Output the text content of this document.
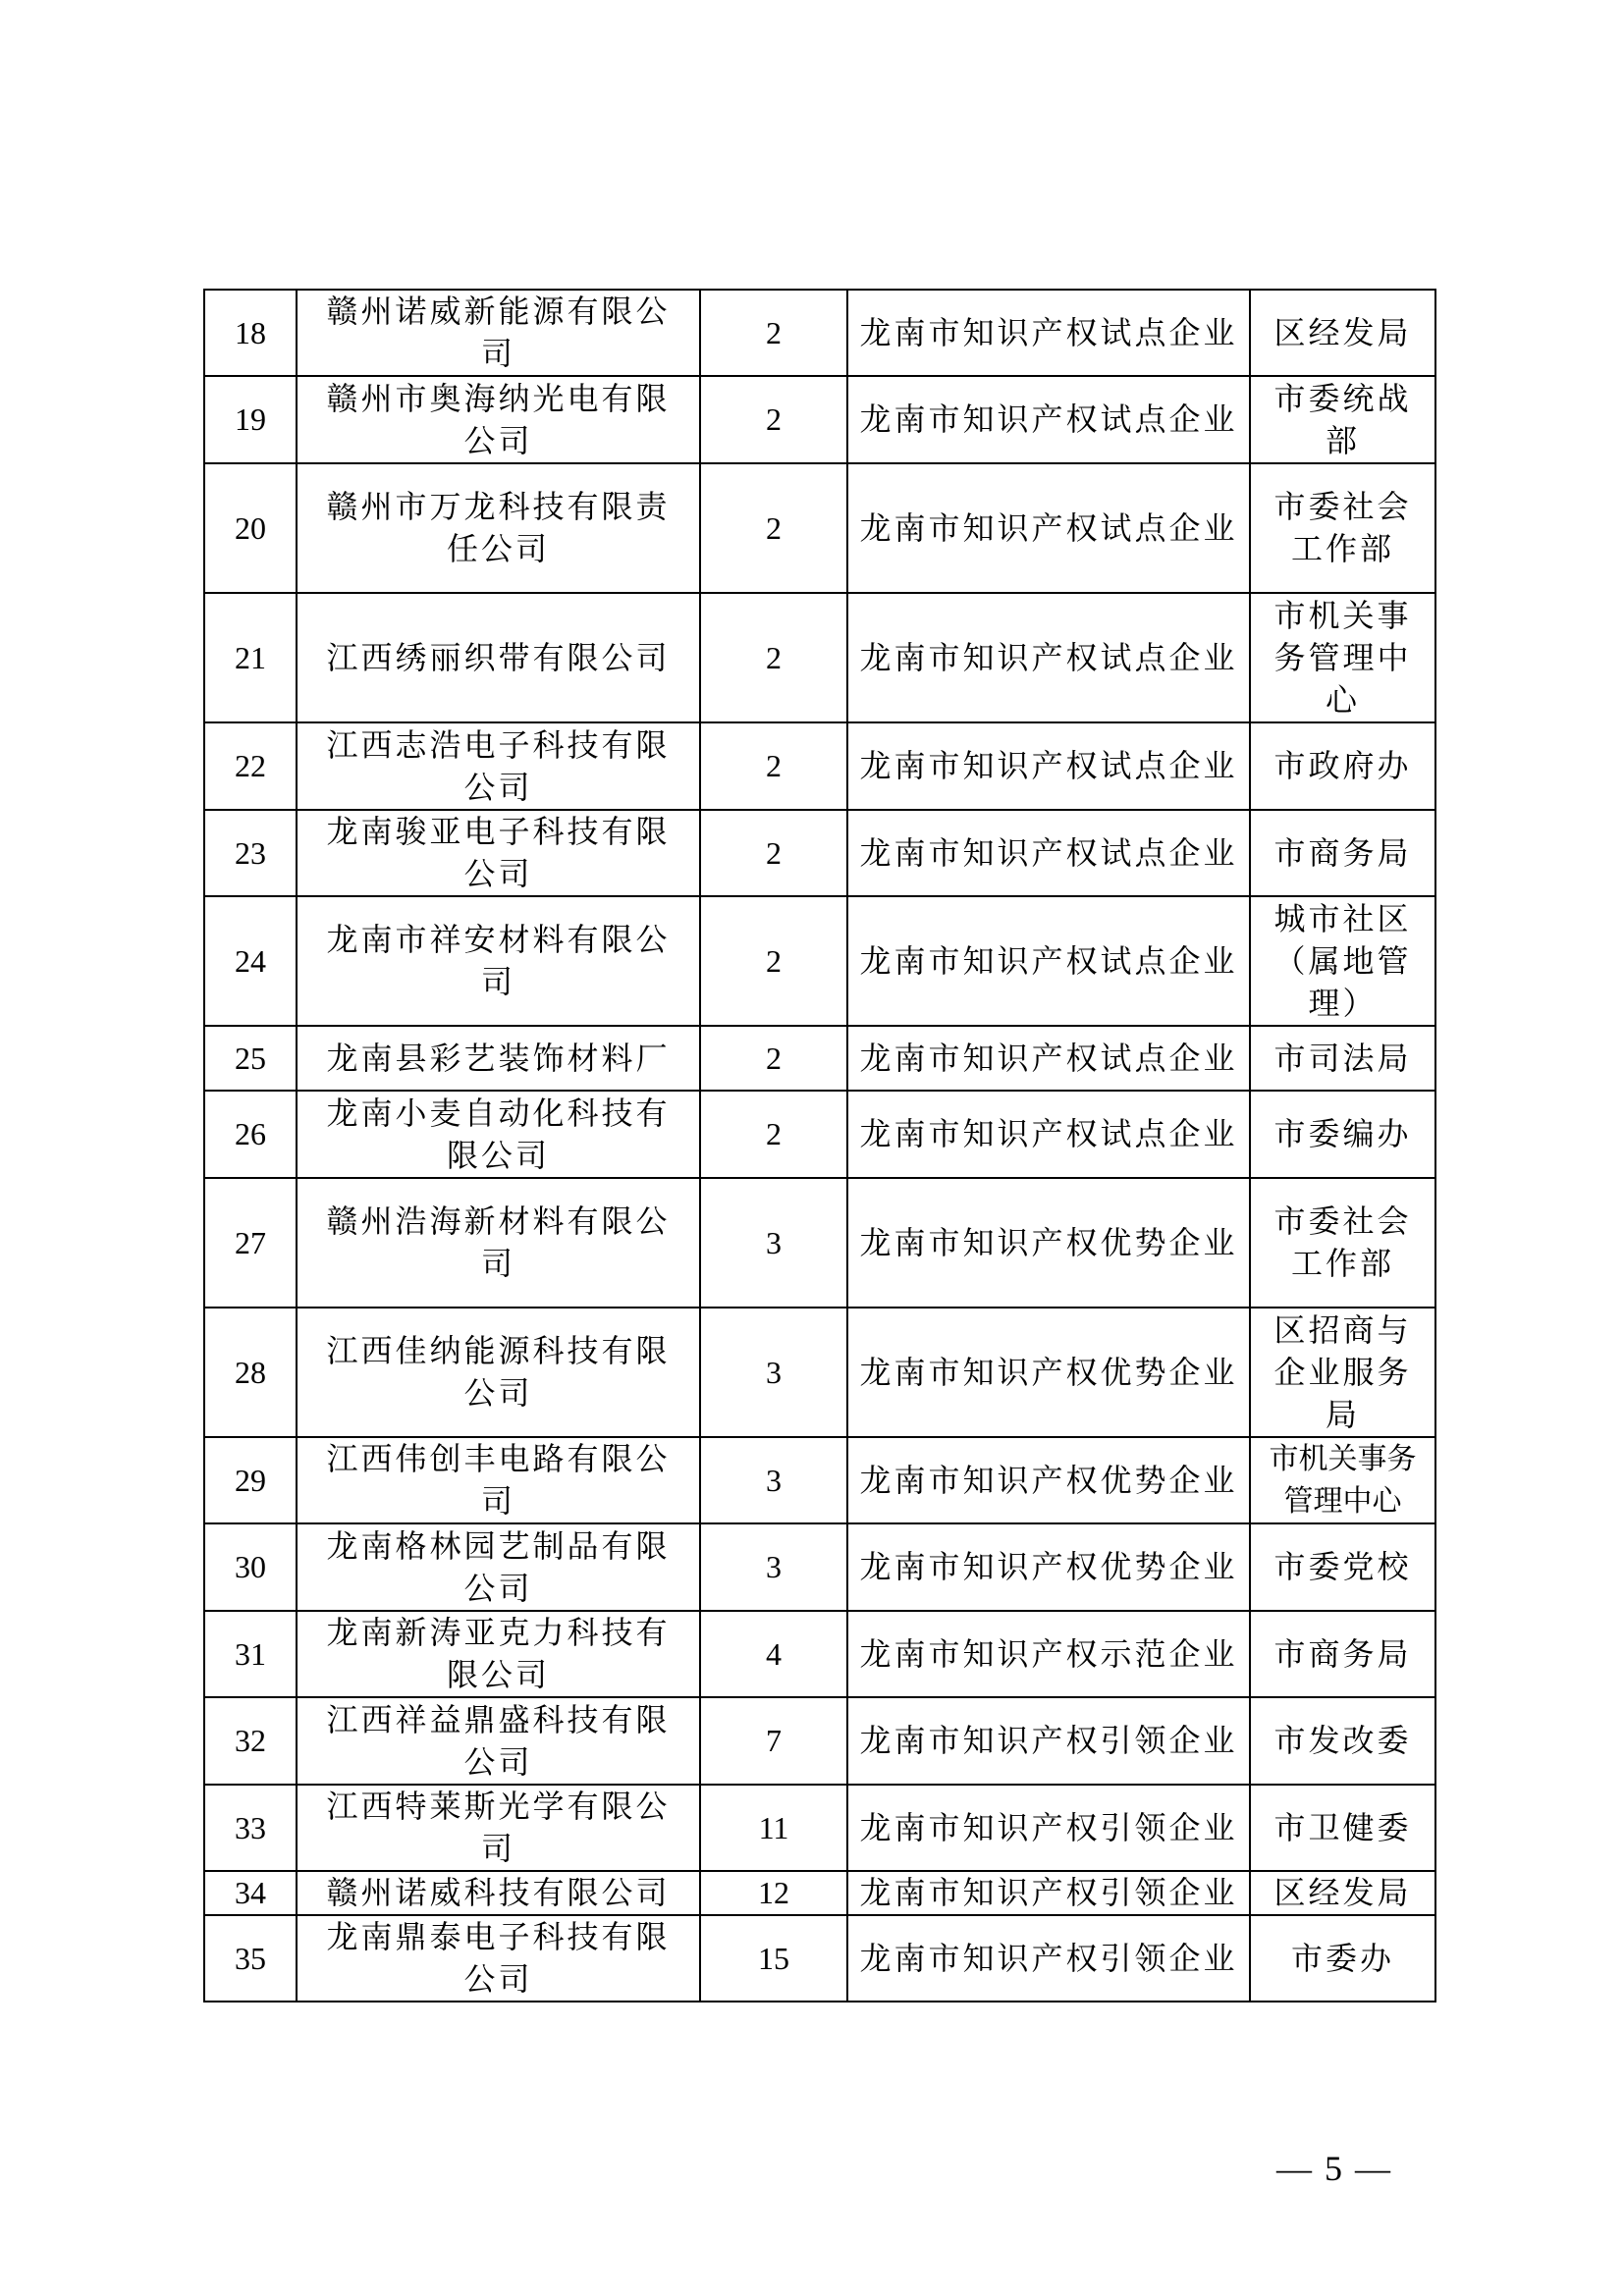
18	赣州诺威新能源有限公司	2	龙南市知识产权试点企业	区经发局
19	赣州市奥海纳光电有限公司	2	龙南市知识产权试点企业	市委统战部
20	赣州市万龙科技有限责任公司	2	龙南市知识产权试点企业	市委社会工作部
21	江西绣丽织带有限公司	2	龙南市知识产权试点企业	市机关事务管理中心
22	江西志浩电子科技有限公司	2	龙南市知识产权试点企业	市政府办
23	龙南骏亚电子科技有限公司	2	龙南市知识产权试点企业	市商务局
24	龙南市祥安材料有限公司	2	龙南市知识产权试点企业	城市社区（属地管理）
25	龙南县彩艺装饰材料厂	2	龙南市知识产权试点企业	市司法局
26	龙南小麦自动化科技有限公司	2	龙南市知识产权试点企业	市委编办
27	赣州浩海新材料有限公司	3	龙南市知识产权优势企业	市委社会工作部
28	江西佳纳能源科技有限公司	3	龙南市知识产权优势企业	区招商与企业服务局
29	江西伟创丰电路有限公司	3	龙南市知识产权优势企业	市机关事务管理中心
30	龙南格林园艺制品有限公司	3	龙南市知识产权优势企业	市委党校
31	龙南新涛亚克力科技有限公司	4	龙南市知识产权示范企业	市商务局
32	江西祥益鼎盛科技有限公司	7	龙南市知识产权引领企业	市发改委
33	江西特莱斯光学有限公司	11	龙南市知识产权引领企业	市卫健委
34	赣州诺威科技有限公司	12	龙南市知识产权引领企业	区经发局
35	龙南鼎泰电子科技有限公司	15	龙南市知识产权引领企业	市委办
— 5 —
